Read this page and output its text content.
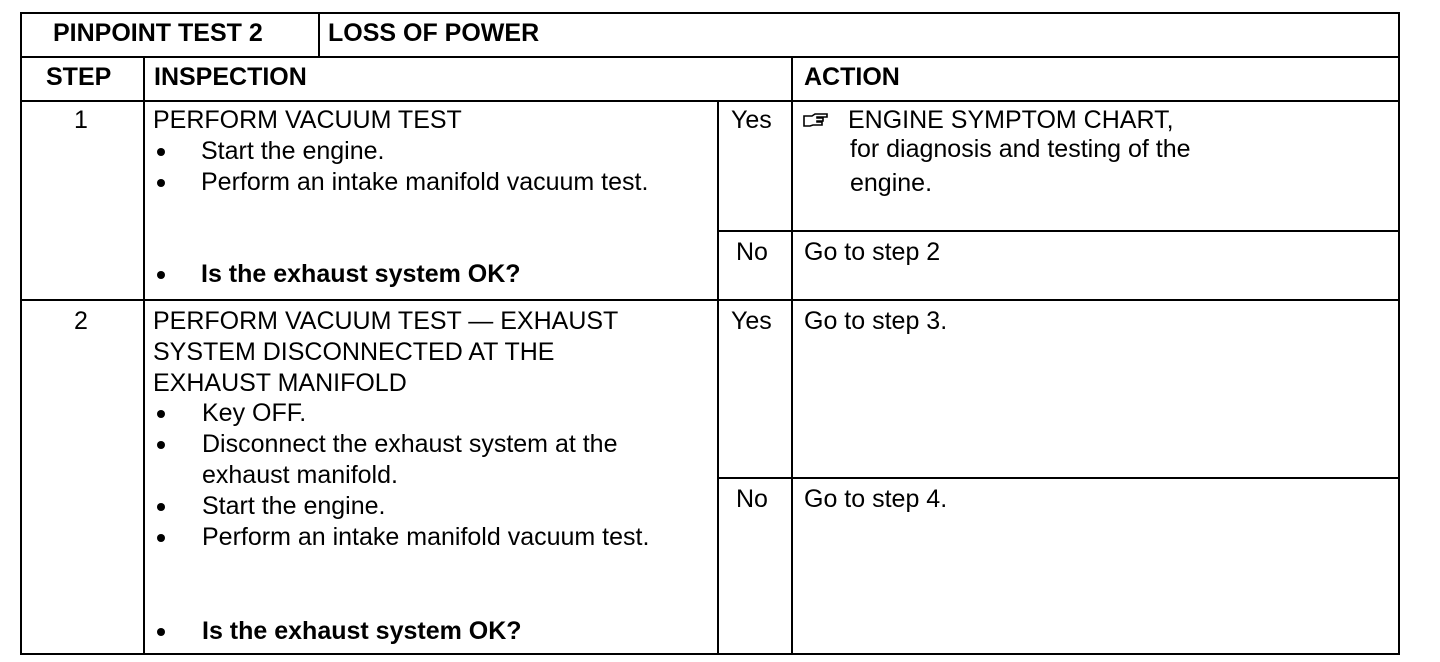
PINPOINT TEST 2	LOSS OF POWER
STEP INSPECTION	ACTION
1	PERFORM VACUUM TEST
Start the engine.
Perform an intake manifold vacuum test.
Is the exhaust system OK?
Yes	ENGINE SYMPTOM CHART,
for diagnosis and testing of the
engine.
No Go to step 2
2	PERFORM VACUUM TEST — EXHAUST
SYSTEM DISCONNECTED AT THE
EXHAUST MANIFOLD
Key OFF.
Disconnect the exhaust system at the
exhaust manifold.
Start the engine.
Perform an intake manifold vacuum test.
Is the exhaust system OK?
Yes Go to step 3.
No Go to step 4.
